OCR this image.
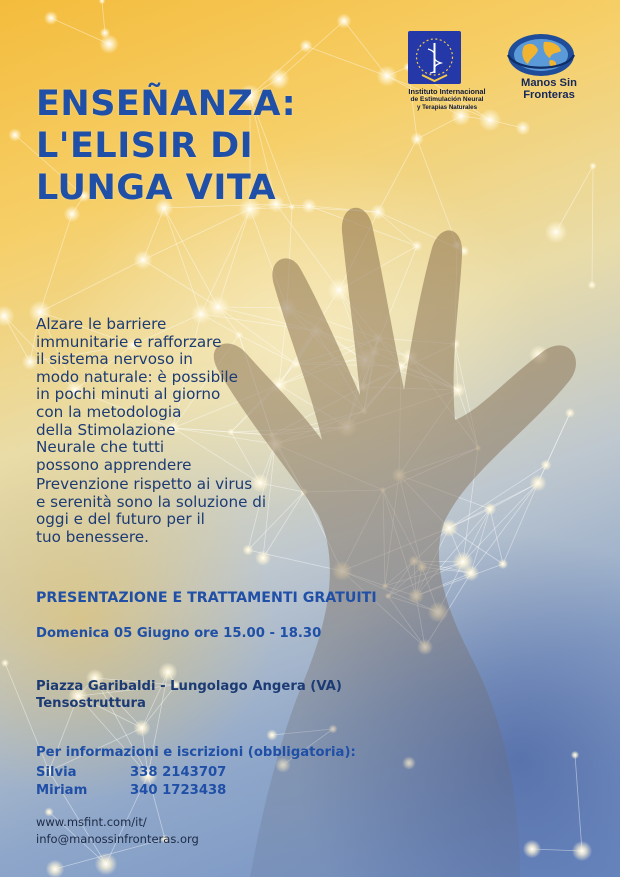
Instituto Internacional
de Estimulación Neural
y Terapias Naturales
Manos Sin Fronteras
ENSEÑANZA:
L'ELISIR DI
LUNGA VITA
Alzare le barriere
immunitarie e rafforzare
il sistema nervoso in
modo naturale: è possibile
in pochi minuti al giorno
con la metodologia
della Stimolazione
Neurale che tutti
possono apprendere
Prevenzione rispetto ai virus
e serenità sono la soluzione di
oggi e del futuro per il
tuo benessere.
PRESENTAZIONE E TRATTAMENTI GRATUITI
Domenica 05 Giugno ore 15.00 - 18.30
Piazza Garibaldi - Lungolago Angera (VA)
Tensostruttura
Per informazioni e iscrizioni (obbligatoria):
Silvia	338 2143707
Miriam	340 1723438
www.msfint.com/it/
info@manossinfronteras.org
